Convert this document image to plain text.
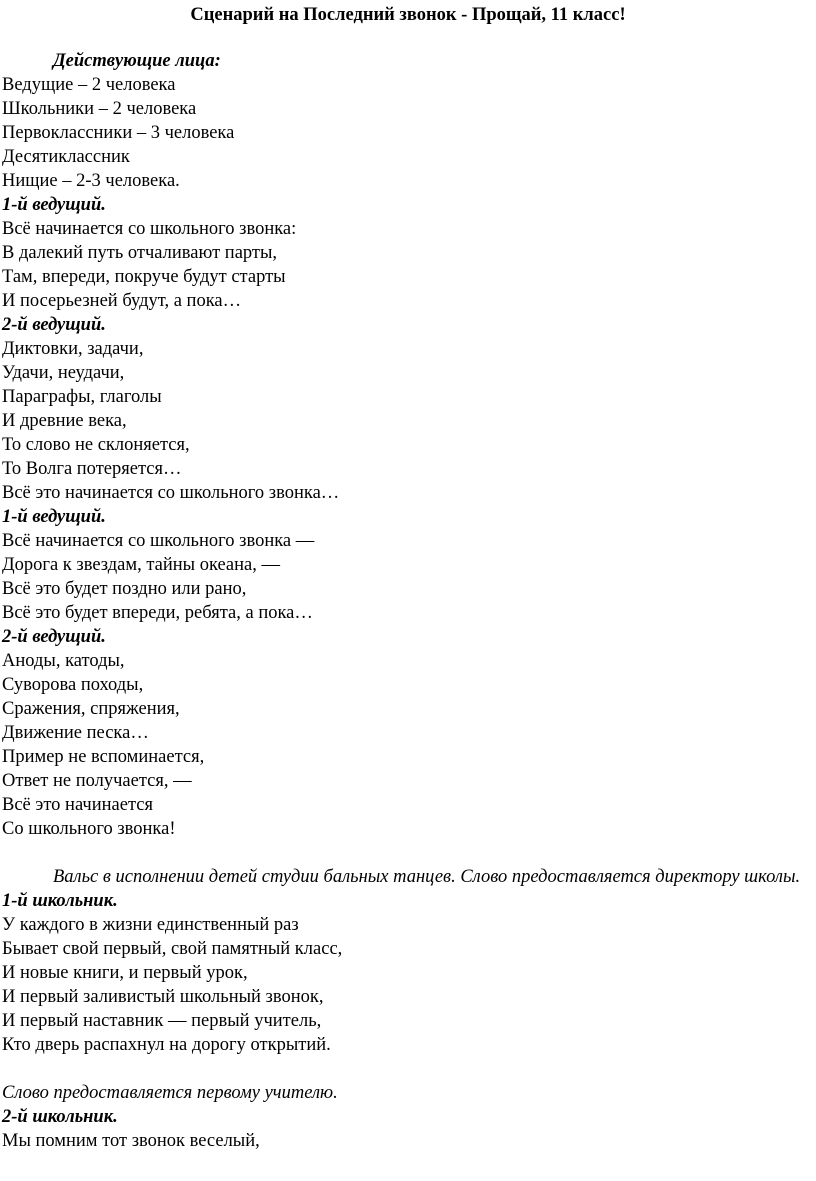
Сценарий на Последний звонок - Прощай, 11 класс!
Действующие лица:
Ведущие – 2 человека
Школьники – 2 человека
Первоклассники – 3 человека
Десятиклассник
Нищие – 2-3 человека.
1-й ведущий.
Всё начинается со школьного звонка:
В далекий путь отчаливают парты,
Там, впереди, покруче будут старты
И посерьезней будут, а пока…
2-й ведущий.
Диктовки, задачи,
Удачи, неудачи,
Параграфы, глаголы
И древние века,
То слово не склоняется,
То Волга потеряется…
Всё это начинается со школьного звонка…
1-й ведущий.
Всё начинается со школьного звонка —
Дорога к звездам, тайны океана, —
Всё это будет поздно или рано,
Всё это будет впереди, ребята, а пока…
2-й ведущий.
Аноды, катоды,
Суворова походы,
Сражения, спряжения,
Движение песка…
Пример не вспоминается,
Ответ не получается, —
Всё это начинается
Со школьного звонка!
Вальс в исполнении детей студии бальных танцев. Слово предоставляется директору школы.
1-й школьник.
У каждого в жизни единственный раз
Бывает свой первый, свой памятный класс,
И новые книги, и первый урок,
И первый заливистый школьный звонок,
И первый наставник — первый учитель,
Кто дверь распахнул на дорогу открытий.
Слово предоставляется первому учителю.
2-й школьник.
Мы помним тот звонок веселый,
